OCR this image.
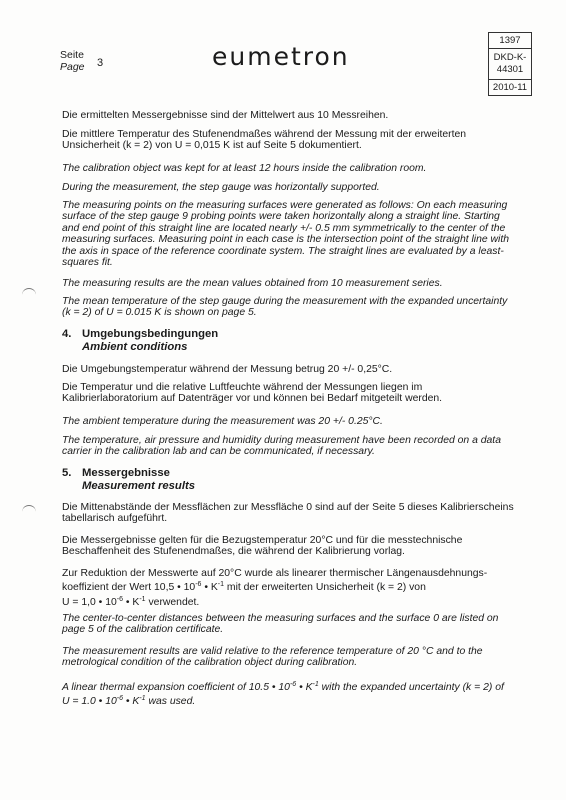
Seite
Page 3	eumetron
1397
DKD-K-
44301
2010-11
Die ermittelten Messergebnisse sind der Mittelwert aus 10 Messreihen.
Die mittlere Temperatur des Stufenendmaßes während der Messung mit der erweiterten Unsicherheit (k = 2) von U = 0,015 K ist auf Seite 5 dokumentiert.
The calibration object was kept for at least 12 hours inside the calibration room.
During the measurement, the step gauge was horizontally supported.
The measuring points on the measuring surfaces were generated as follows: On each measuring surface of the step gauge 9 probing points were taken horizontally along a straight line. Starting and end point of this straight line are located nearly +/- 0.5 mm symmetrically to the center of the measuring surfaces. Measuring point in each case is the intersection point of the straight line with the axis in space of the reference coordinate system. The straight lines are evaluated by a least-squares fit.
The measuring results are the mean values obtained from 10 measurement series.
The mean temperature of the step gauge during the measurement with the expanded uncertainty (k = 2) of U = 0.015 K is shown on page 5.
4. Umgebungsbedingungen
Ambient conditions
Die Umgebungstemperatur während der Messung betrug 20 +/- 0,25°C.
Die Temperatur und die relative Luftfeuchte während der Messungen liegen im Kalibrierlaboratorium auf Datenträger vor und können bei Bedarf mitgeteilt werden.
The ambient temperature during the measurement was 20 +/- 0.25°C.
The temperature, air pressure and humidity during measurement have been recorded on a data carrier in the calibration lab and can be communicated, if necessary.
5. Messergebnisse
Measurement results
Die Mittenabstände der Messflächen zur Messfläche 0 sind auf der Seite 5 dieses Kalibrierscheins tabellarisch aufgeführt.
Die Messergebnisse gelten für die Bezugstemperatur 20°C und für die messtechnische Beschaffenheit des Stufenendmaßes, die während der Kalibrierung vorlag.
Zur Reduktion der Messwerte auf 20°C wurde als linearer thermischer Längenausdehnungs-koeffizient der Wert 10,5 • $10^{-6}$ • $K^{-1}$ mit der erweiterten Unsicherheit (k = 2) von
U = 1,0 • $10^{-6}$ • $K^{-1}$ verwendet.
The center-to-center distances between the measuring surfaces and the surface 0 are listed on page 5 of the calibration certificate.
The measurement results are valid relative to the reference temperature of 20 °C and to the metrological condition of the calibration object during calibration.
A linear thermal expansion coefficient of 10.5 • $10^{-6}$ • $K^{-1}$ with the expanded uncertainty (k = 2) of
U = 1.0 • $10^{-6}$ • $K^{-1}$ was used.
